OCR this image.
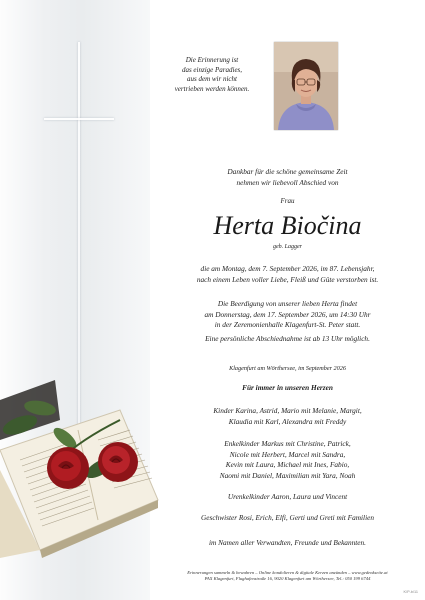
Die Erinnerung ist
das einzige Paradies,
aus dem wir nicht
vertrieben werden können.
Dankbar für die schöne gemeinsame Zeit
nehmen wir liebevoll Abschied von
Frau
Herta Biočina
geb. Lagger
die am Montag, dem 7. September 2026, im 87. Lebensjahr,
nach einem Leben voller Liebe, Fleiß und Güte verstorben ist.
Die Beerdigung von unserer lieben Herta findet
am Donnerstag, dem 17. September 2026, um 14:30 Uhr
in der Zeremonienhalle Klagenfurt-St. Peter statt.
Eine persönliche Abschiednahme ist ab 13 Uhr möglich.
Klagenfurt am Wörthersee, im September 2026
Für immer in unseren Herzen
Kinder Karina, Astrid, Mario mit Melanie, Margit,
Klaudia mit Karl, Alexandra mit Freddy
Enkelkinder Markus mit Christine, Patrick,
Nicole mit Herbert, Marcel mit Sandra,
Kevin mit Laura, Michael mit Ines, Fabio,
Naomi mit Daniel, Maximilian mit Yara, Noah
Urenkelkinder Aaron, Laura und Vincent
Geschwister Rosi, Erich, Elfi, Gerti und Greti mit Familien
im Namen aller Verwandten, Freunde und Bekannten.
Erinnerungen sammeln & bewahren – Online kondolieren & digitale Kerzen anzünden – www.gedenkseite.at
PAX Klagenfurt, Flughafenstraße 16, 9020 Klagenfurt am Wörthersee, Tel.: 050 199 6744
K/P-b/11
